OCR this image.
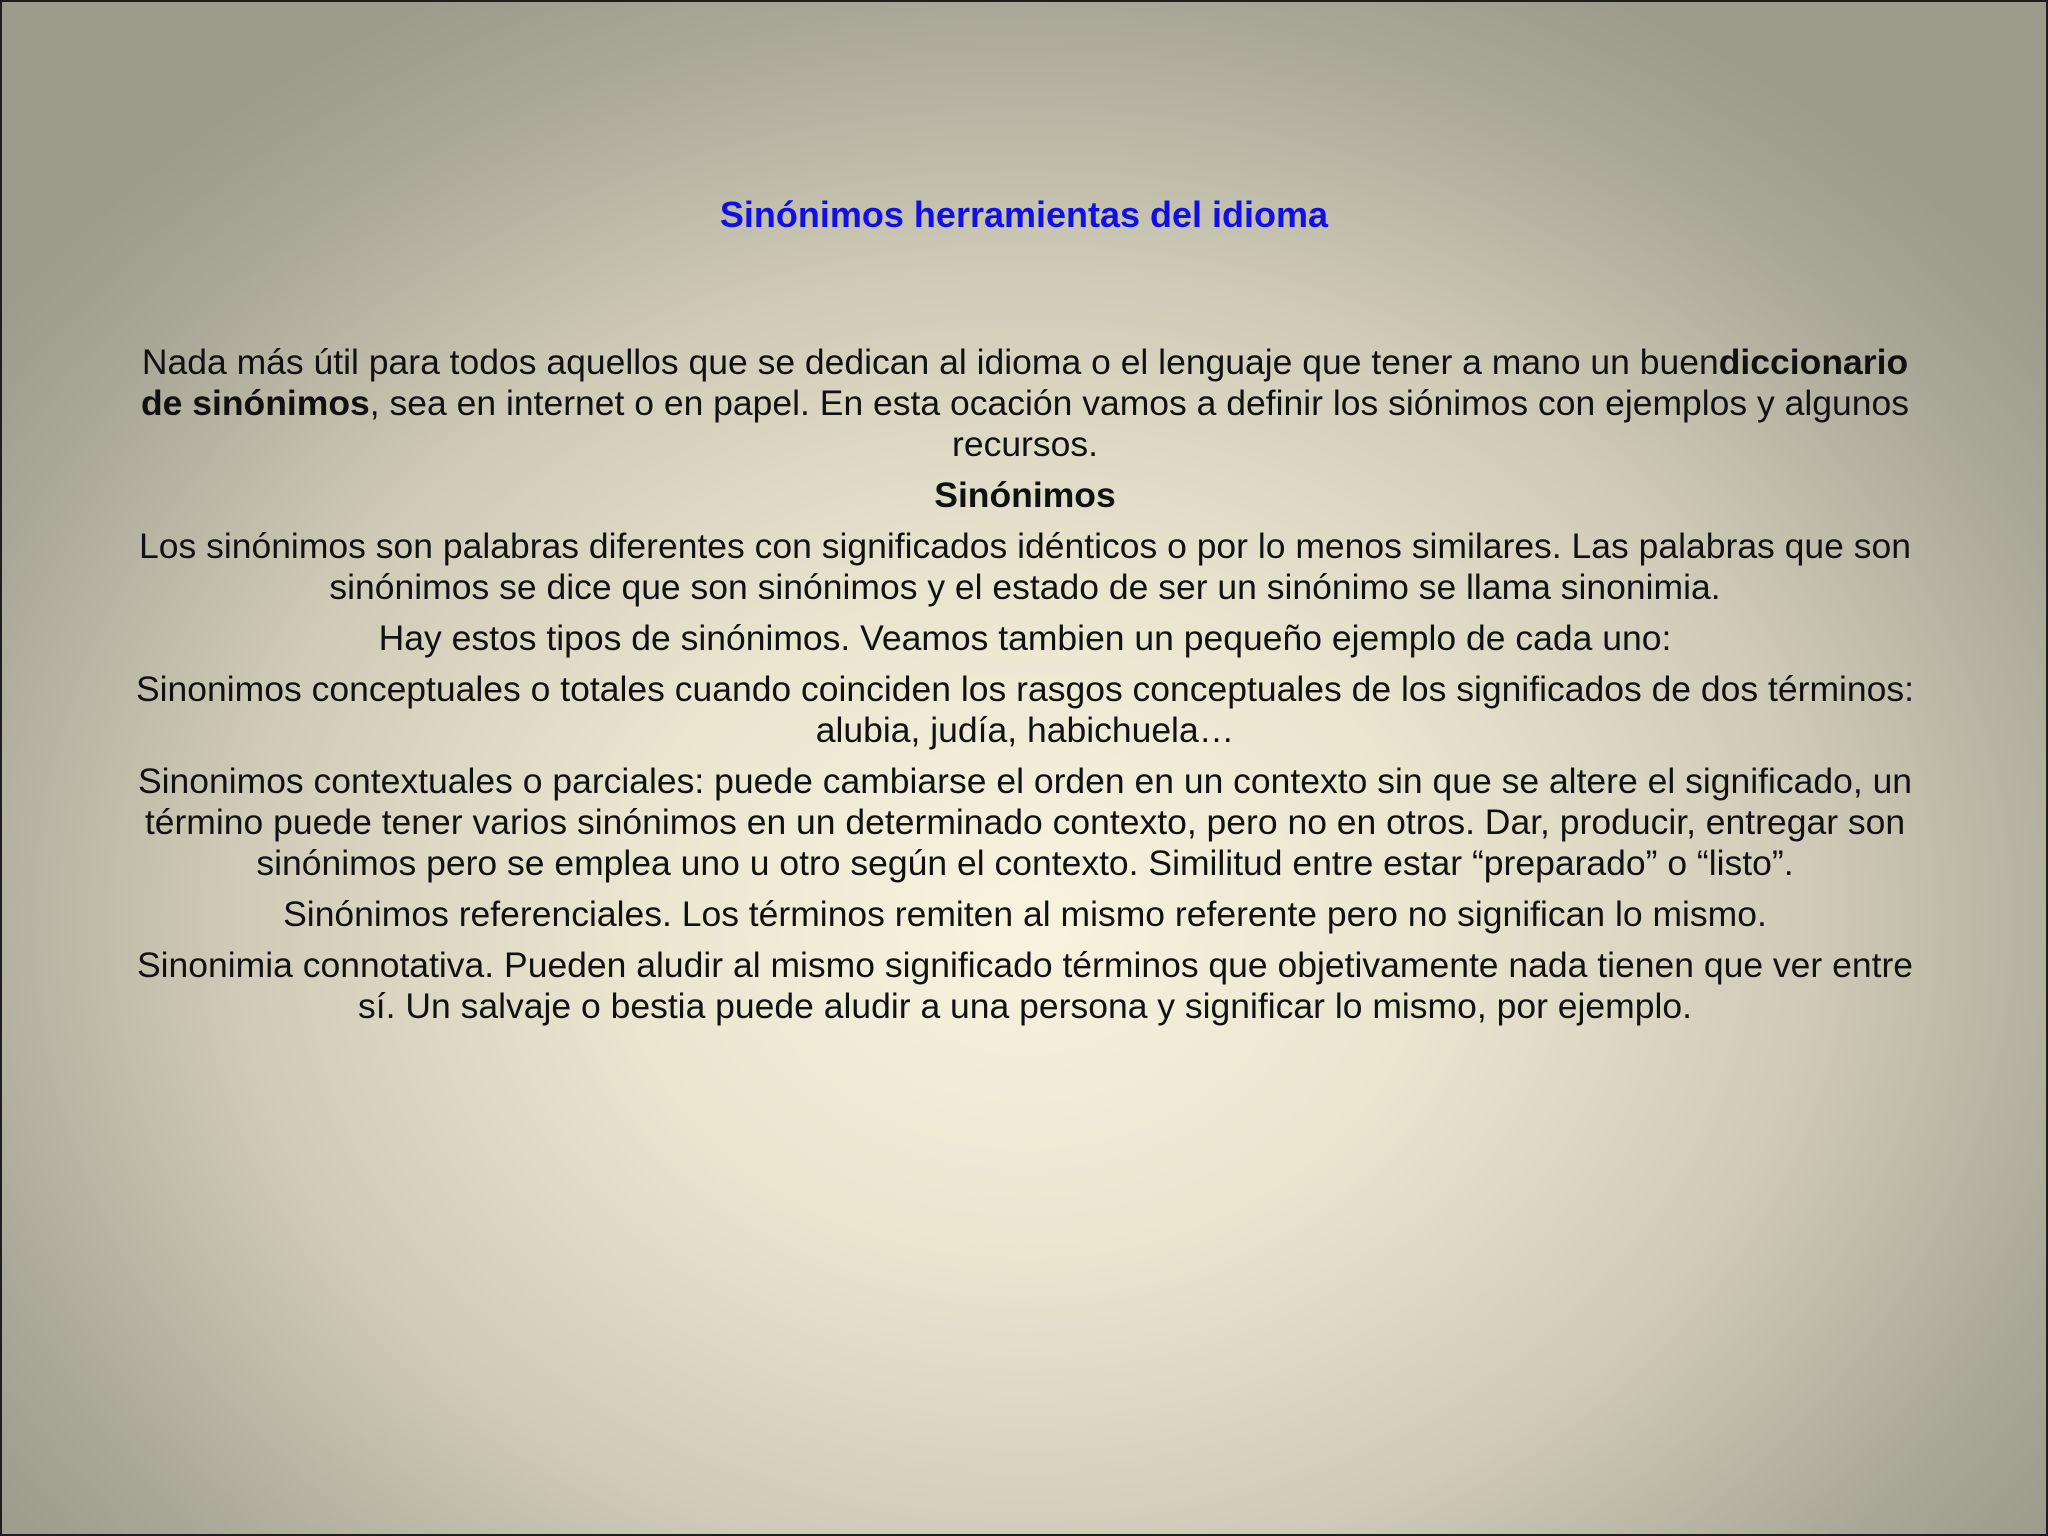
Sinónimos herramientas del idioma

Nada más útil para todos aquellos que se dedican al idioma o el lenguaje que tener a mano un buendiccionario de sinónimos, sea en internet o en papel. En esta ocación vamos a definir los siónimos con ejemplos y algunos recursos.

Sinónimos

Los sinónimos son palabras diferentes con significados idénticos o por lo menos similares. Las palabras que son sinónimos se dice que son sinónimos y el estado de ser un sinónimo se llama sinonimia.

Hay estos tipos de sinónimos. Veamos tambien un pequeño ejemplo de cada uno:

Sinonimos conceptuales o totales cuando coinciden los rasgos conceptuales de los significados de dos términos: alubia, judía, habichuela…

Sinonimos contextuales o parciales: puede cambiarse el orden en un contexto sin que se altere el significado, un término puede tener varios sinónimos en un determinado contexto, pero no en otros. Dar, producir, entregar son sinónimos pero se emplea uno u otro según el contexto. Similitud entre estar “preparado” o “listo”.

Sinónimos referenciales. Los términos remiten al mismo referente pero no significan lo mismo.

Sinonimia connotativa. Pueden aludir al mismo significado términos que objetivamente nada tienen que ver entre sí. Un salvaje o bestia puede aludir a una persona y significar lo mismo, por ejemplo.
